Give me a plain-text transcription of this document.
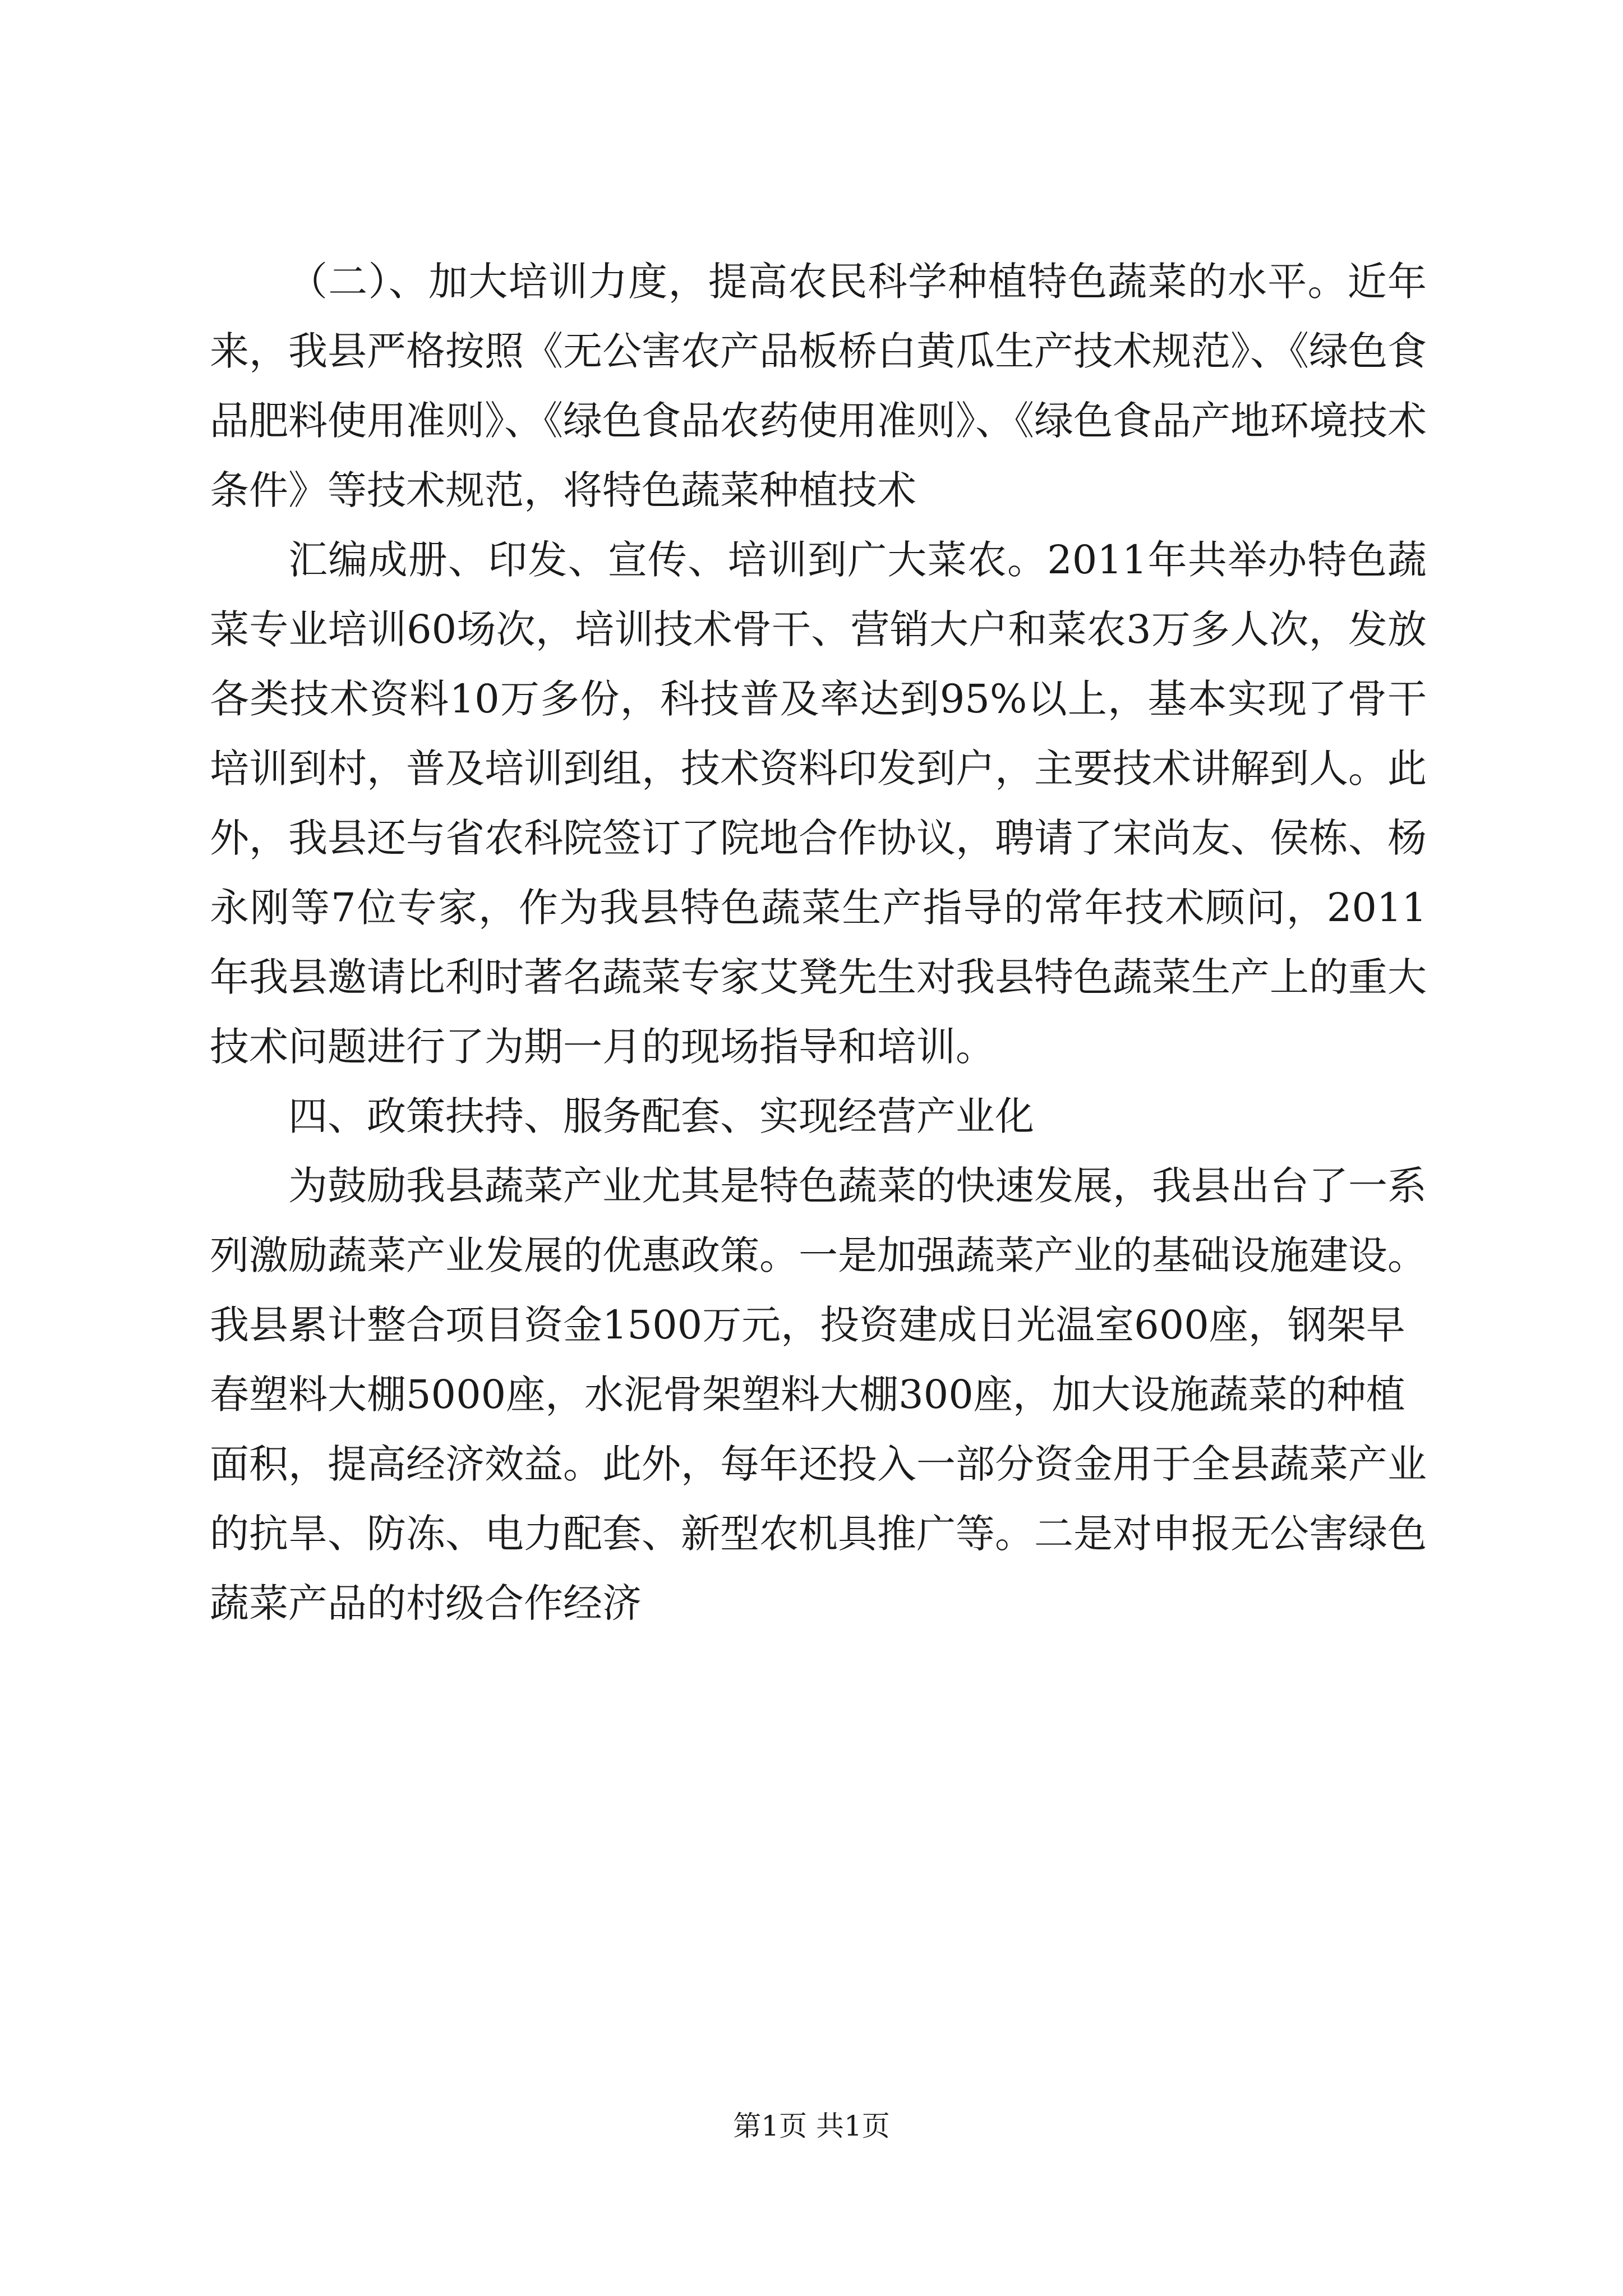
（二）、加大培训力度，提高农民科学种植特色蔬菜的水平。近年来，我县严格按照《无公害农产品板桥白黄瓜生产技术规范》、《绿色食品肥料使用准则》、《绿色食品农药使用准则》、《绿色食品产地环境技术条件》等技术规范，将特色蔬菜种植技术

汇编成册、印发、宣传、培训到广大菜农。2011年共举办特色蔬菜专业培训60场次，培训技术骨干、营销大户和菜农3万多人次，发放各类技术资料10万多份，科技普及率达到95%以上，基本实现了骨干培训到村，普及培训到组，技术资料印发到户，主要技术讲解到人。此外，我县还与省农科院签订了院地合作协议，聘请了宋尚友、侯栋、杨永刚等7位专家，作为我县特色蔬菜生产指导的常年技术顾问，2011年我县邀请比利时著名蔬菜专家艾凳先生对我县特色蔬菜生产上的重大技术问题进行了为期一月的现场指导和培训。

四、政策扶持、服务配套、实现经营产业化

为鼓励我县蔬菜产业尤其是特色蔬菜的快速发展，我县出台了一系列激励蔬菜产业发展的优惠政策。一是加强蔬菜产业的基础设施建设。我县累计整合项目资金1500万元，投资建成日光温室600座，钢架早春塑料大棚5000座，水泥骨架塑料大棚300座，加大设施蔬菜的种植面积，提高经济效益。此外，每年还投入一部分资金用于全县蔬菜产业的抗旱、防冻、电力配套、新型农机具推广等。二是对申报无公害绿色蔬菜产品的村级合作经济

第1页 共1页
